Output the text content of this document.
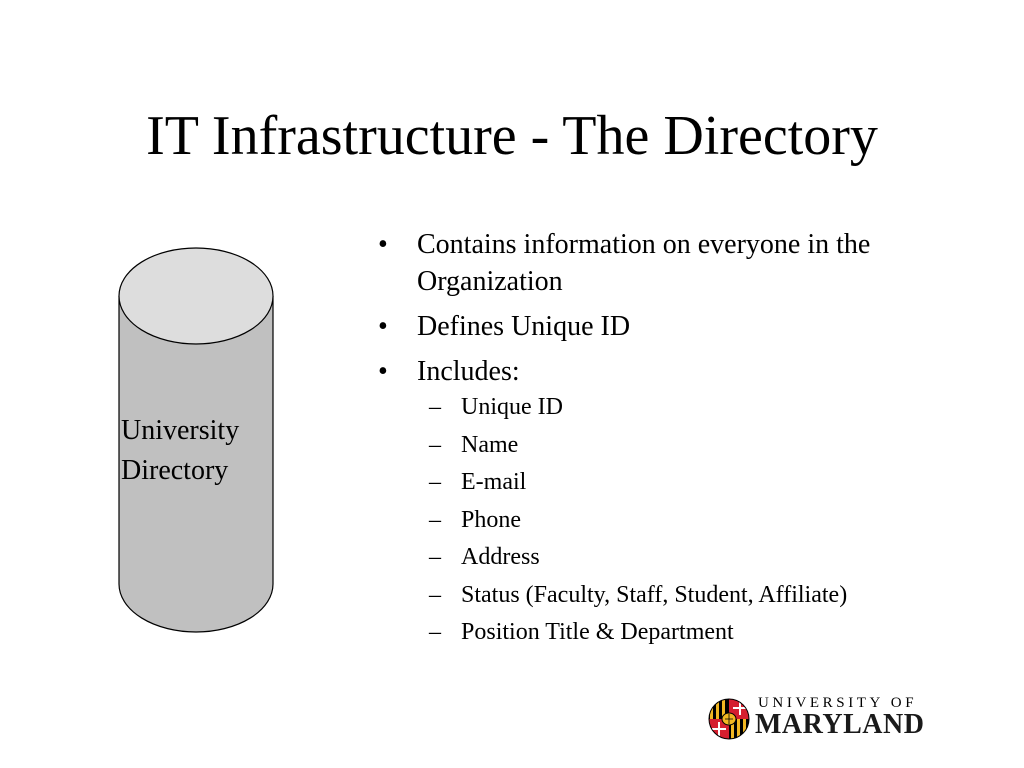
IT Infrastructure - The Directory
University
Directory
• Contains information on everyone in the Organization
• Defines Unique ID
• Includes:
– Unique ID
– Name
– E-mail
– Phone
– Address
– Status (Faculty, Staff, Student, Affiliate)
– Position Title & Department
UNIVERSITY OF
MARYLAND
